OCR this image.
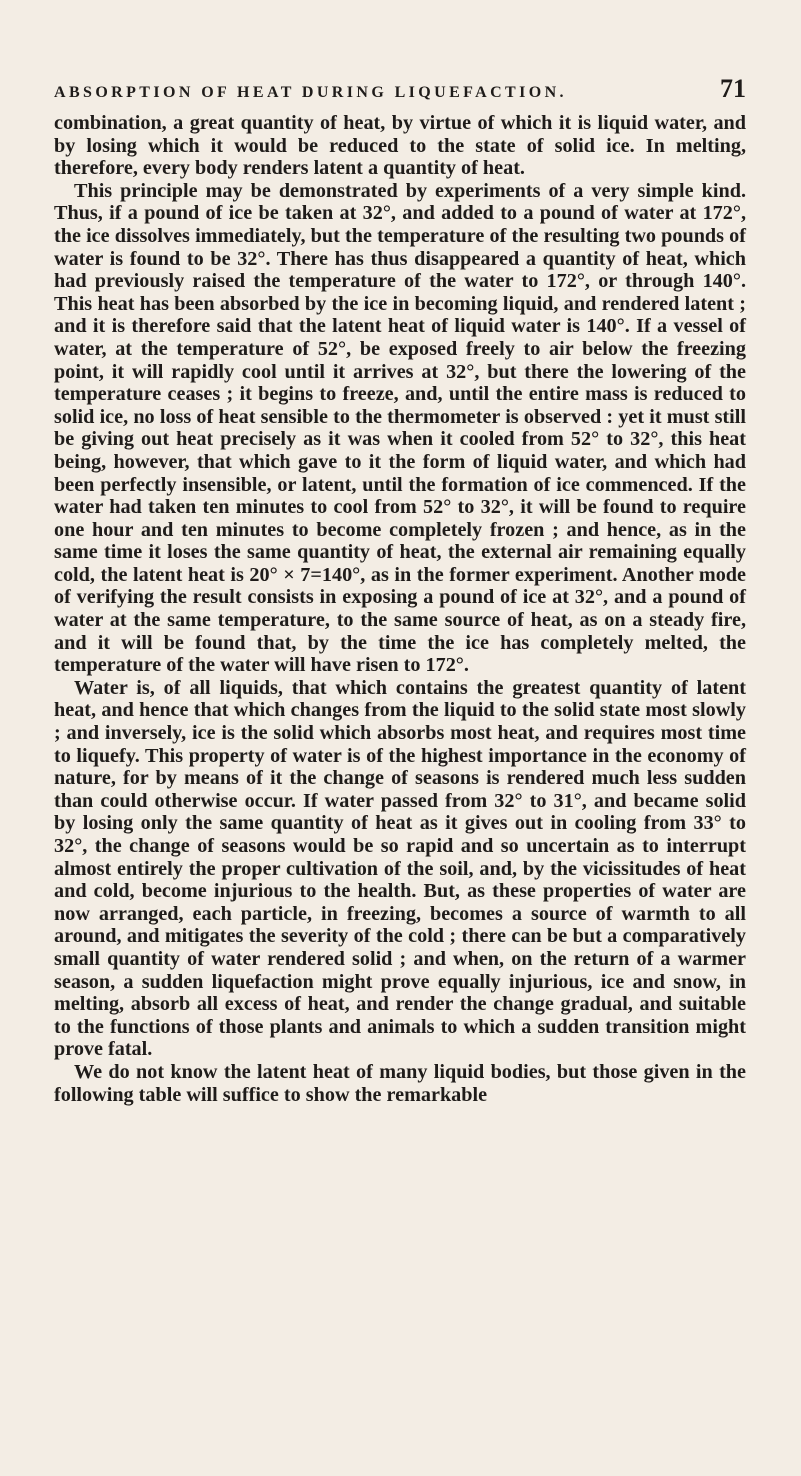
ABSORPTION OF HEAT DURING LIQUEFACTION.	71

combination, a great quantity of heat, by virtue of which it is liquid water, and by losing which it would be reduced to the state of solid ice. In melting, therefore, every body renders latent a quantity of heat.

This principle may be demonstrated by experiments of a very simple kind. Thus, if a pound of ice be taken at 32°, and added to a pound of water at 172°, the ice dissolves immediately, but the temperature of the resulting two pounds of water is found to be 32°. There has thus disappeared a quantity of heat, which had previously raised the temperature of the water to 172°, or through 140°. This heat has been absorbed by the ice in becoming liquid, and rendered latent ; and it is therefore said that the latent heat of liquid water is 140°. If a vessel of water, at the temperature of 52°, be exposed freely to air below the freezing point, it will rapidly cool until it arrives at 32°, but there the lowering of the temperature ceases ; it begins to freeze, and, until the entire mass is reduced to solid ice, no loss of heat sensible to the thermometer is observed : yet it must still be giving out heat precisely as it was when it cooled from 52° to 32°, this heat being, however, that which gave to it the form of liquid water, and which had been perfectly insensible, or latent, until the formation of ice commenced. If the water had taken ten minutes to cool from 52° to 32°, it will be found to require one hour and ten minutes to become completely frozen ; and hence, as in the same time it loses the same quantity of heat, the external air remaining equally cold, the latent heat is 20° × 7=140°, as in the former experiment. Another mode of verifying the result consists in exposing a pound of ice at 32°, and a pound of water at the same temperature, to the same source of heat, as on a steady fire, and it will be found that, by the time the ice has completely melted, the temperature of the water will have risen to 172°.

Water is, of all liquids, that which contains the greatest quantity of latent heat, and hence that which changes from the liquid to the solid state most slowly ; and inversely, ice is the solid which absorbs most heat, and requires most time to liquefy. This property of water is of the highest importance in the economy of nature, for by means of it the change of seasons is rendered much less sudden than could otherwise occur. If water passed from 32° to 31°, and became solid by losing only the same quantity of heat as it gives out in cooling from 33° to 32°, the change of seasons would be so rapid and so uncertain as to interrupt almost entirely the proper cultivation of the soil, and, by the vicissitudes of heat and cold, become injurious to the health. But, as these properties of water are now arranged, each particle, in freezing, becomes a source of warmth to all around, and mitigates the severity of the cold ; there can be but a comparatively small quantity of water rendered solid ; and when, on the return of a warmer season, a sudden liquefaction might prove equally injurious, ice and snow, in melting, absorb all excess of heat, and render the change gradual, and suitable to the functions of those plants and animals to which a sudden transition might prove fatal.

We do not know the latent heat of many liquid bodies, but those given in the following table will suffice to show the remarkable
